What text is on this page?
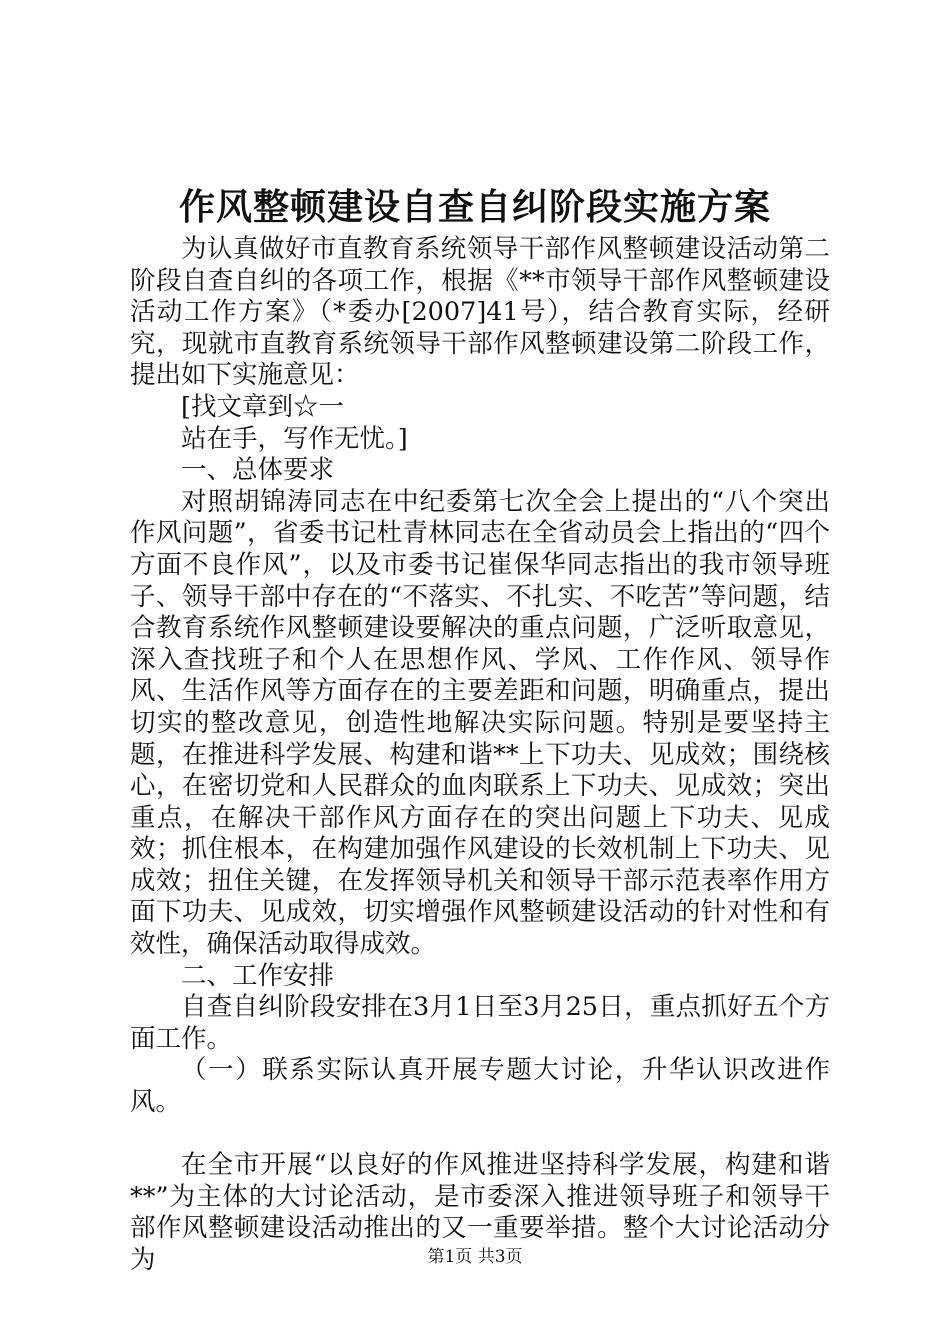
作风整顿建设自查自纠阶段实施方案

为认真做好市直教育系统领导干部作风整顿建设活动第二阶段自查自纠的各项工作，根据《**市领导干部作风整顿建设活动工作方案》（*委办[2007]41号），结合教育实际，经研究，现就市直教育系统领导干部作风整顿建设第二阶段工作，提出如下实施意见：

[找文章到☆一

站在手，写作无忧。]

一、总体要求

对照胡锦涛同志在中纪委第七次全会上提出的“八个突出作风问题”，省委书记杜青林同志在全省动员会上指出的“四个方面不良作风”，以及市委书记崔保华同志指出的我市领导班子、领导干部中存在的“不落实、不扎实、不吃苦”等问题，结合教育系统作风整顿建设要解决的重点问题，广泛听取意见，深入查找班子和个人在思想作风、学风、工作作风、领导作风、生活作风等方面存在的主要差距和问题，明确重点，提出切实的整改意见，创造性地解决实际问题。特别是要坚持主题，在推进科学发展、构建和谐**上下功夫、见成效；围绕核心，在密切党和人民群众的血肉联系上下功夫、见成效；突出重点，在解决干部作风方面存在的突出问题上下功夫、见成效；抓住根本，在构建加强作风建设的长效机制上下功夫、见成效；扭住关键，在发挥领导机关和领导干部示范表率作用方面下功夫、见成效，切实增强作风整顿建设活动的针对性和有效性，确保活动取得成效。

二、工作安排

自查自纠阶段安排在3月1日至3月25日，重点抓好五个方面工作。

（一）联系实际认真开展专题大讨论，升华认识改进作风。

在全市开展“以良好的作风推进坚持科学发展，构建和谐**”为主体的大讨论活动，是市委深入推进领导班子和领导干部作风整顿建设活动推出的又一重要举措。整个大讨论活动分为	第1页 共3页
